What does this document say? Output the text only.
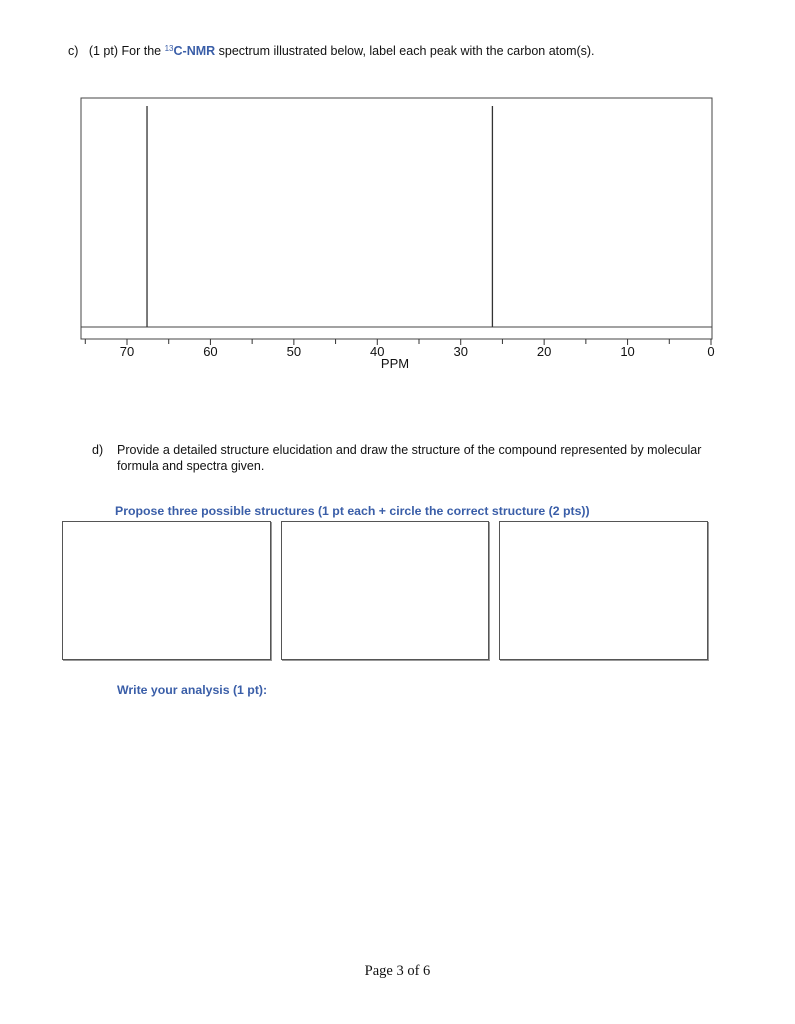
c) (1 pt) For the $^{13}$C-NMR spectrum illustrated below, label each peak with the carbon atom(s).
70	60	50	40	30	20	10	0
PPM
d) Provide a detailed structure elucidation and draw the structure of the compound represented by molecular formula and spectra given.
Propose three possible structures (1 pt each + circle the correct structure (2 pts))
Write your analysis (1 pt):
Page 3 of 6
